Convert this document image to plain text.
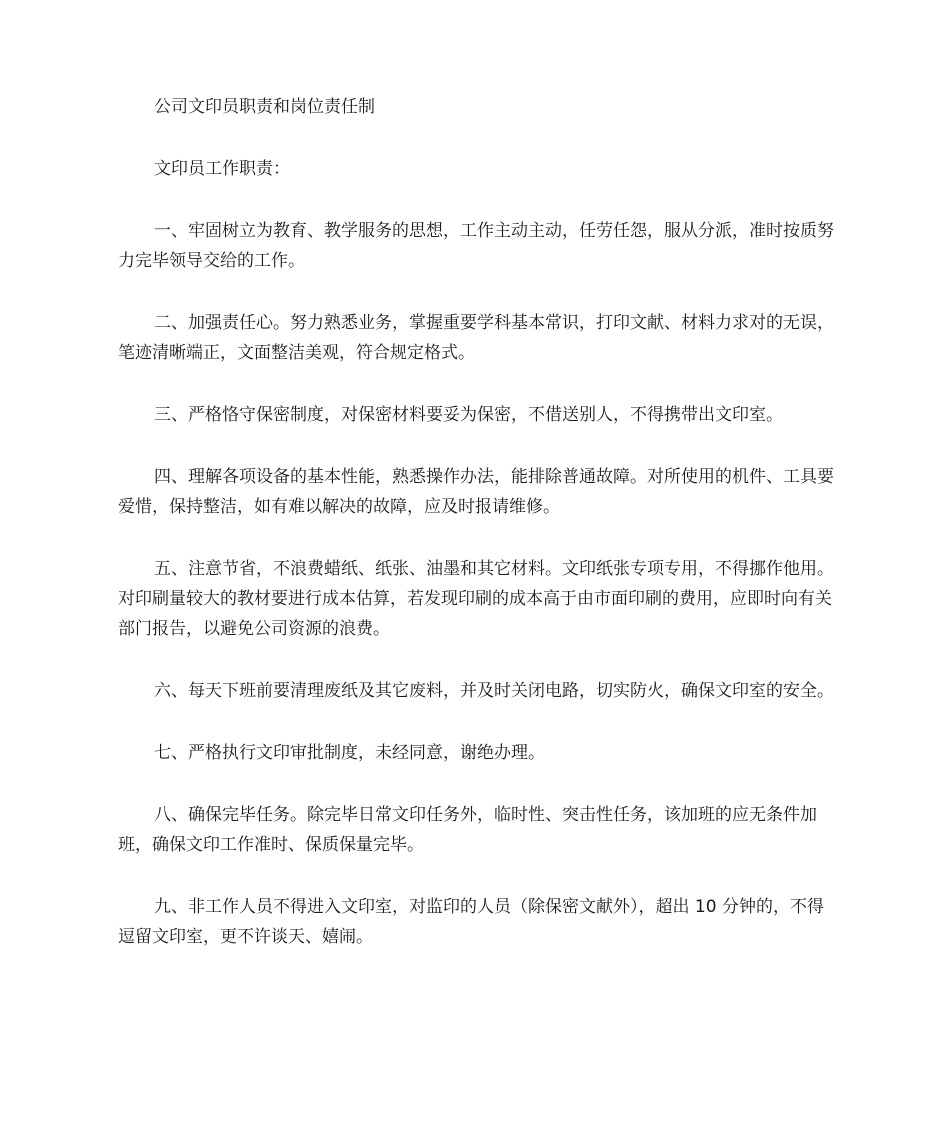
公司文印员职责和岗位责任制

文印员工作职责：

一、牢固树立为教育、教学服务的思想，工作主动主动，任劳任怨，服从分派，准时按质努力完毕领导交给的工作。

二、加强责任心。努力熟悉业务，掌握重要学科基本常识，打印文献、材料力求对的无误，笔迹清晰端正，文面整洁美观，符合规定格式。

三、严格恪守保密制度，对保密材料要妥为保密，不借送别人，不得携带出文印室。

四、理解各项设备的基本性能，熟悉操作办法，能排除普通故障。对所使用的机件、工具要爱惜，保持整洁，如有难以解决的故障，应及时报请维修。

五、注意节省，不浪费蜡纸、纸张、油墨和其它材料。文印纸张专项专用，不得挪作他用。对印刷量较大的教材要进行成本估算，若发现印刷的成本高于由市面印刷的费用，应即时向有关部门报告，以避免公司资源的浪费。

六、每天下班前要清理废纸及其它废料，并及时关闭电路，切实防火，确保文印室的安全。

七、严格执行文印审批制度，未经同意，谢绝办理。

八、确保完毕任务。除完毕日常文印任务外，临时性、突击性任务，该加班的应无条件加班，确保文印工作准时、保质保量完毕。

九、非工作人员不得进入文印室，对监印的人员（除保密文献外），超出 10 分钟的，不得逗留文印室，更不许谈天、嬉闹。
